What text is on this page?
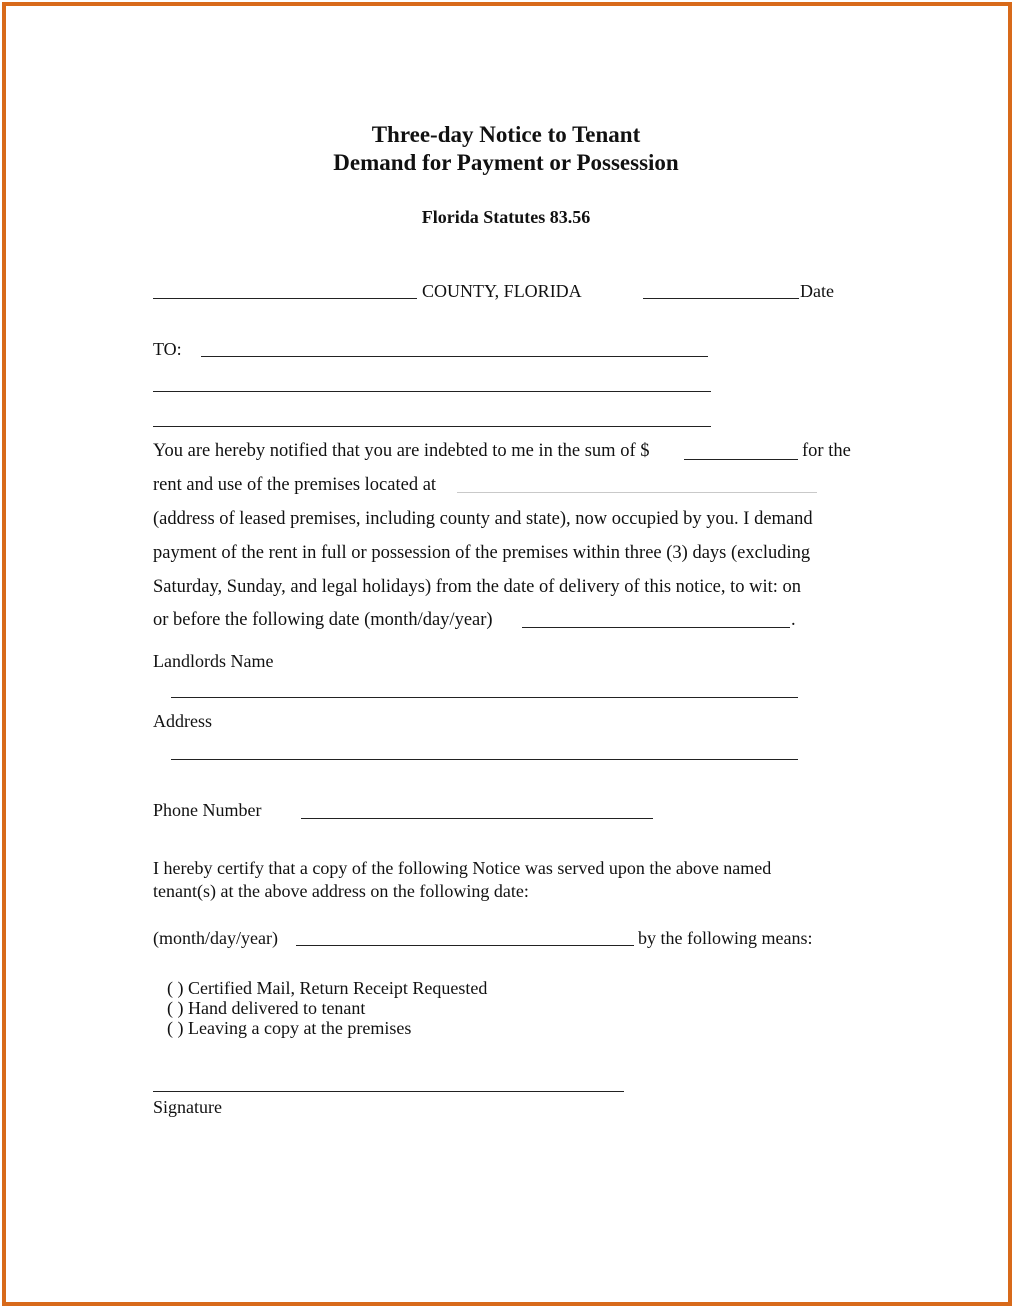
Three-day Notice to Tenant
Demand for Payment or Possession
Florida Statutes 83.56
COUNTY, FLORIDA	Date
TO:
You are hereby notified that you are indebted to me in the sum of $	for the
rent and use of the premises located at
(address of leased premises, including county and state), now occupied by you. I demand
payment of the rent in full or possession of the premises within three (3) days (excluding
Saturday, Sunday, and legal holidays) from the date of delivery of this notice, to wit: on
or before the following date (month/day/year)	.
Landlords Name
Address
Phone Number
I hereby certify that a copy of the following Notice was served upon the above named
tenant(s) at the above address on the following date:
(month/day/year)	by the following means:
( ) Certified Mail, Return Receipt Requested
( ) Hand delivered to tenant
( ) Leaving a copy at the premises
Signature
